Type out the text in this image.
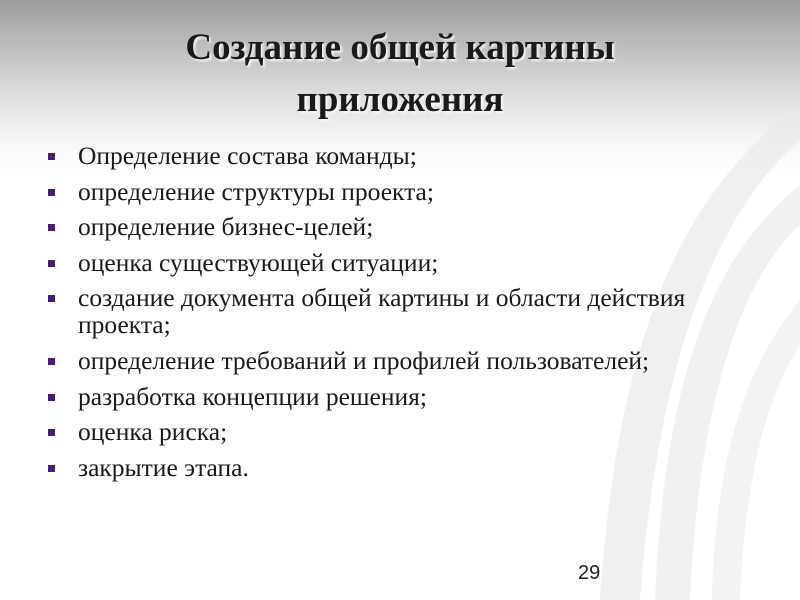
Создание общей картины приложения
Определение состава команды;
определение структуры проекта;
определение бизнес-целей;
оценка существующей ситуации;
создание документа общей картины и области действия проекта;
определение требований и профилей пользователей;
разработка концепции решения;
оценка риска;
закрытие этапа.
29
